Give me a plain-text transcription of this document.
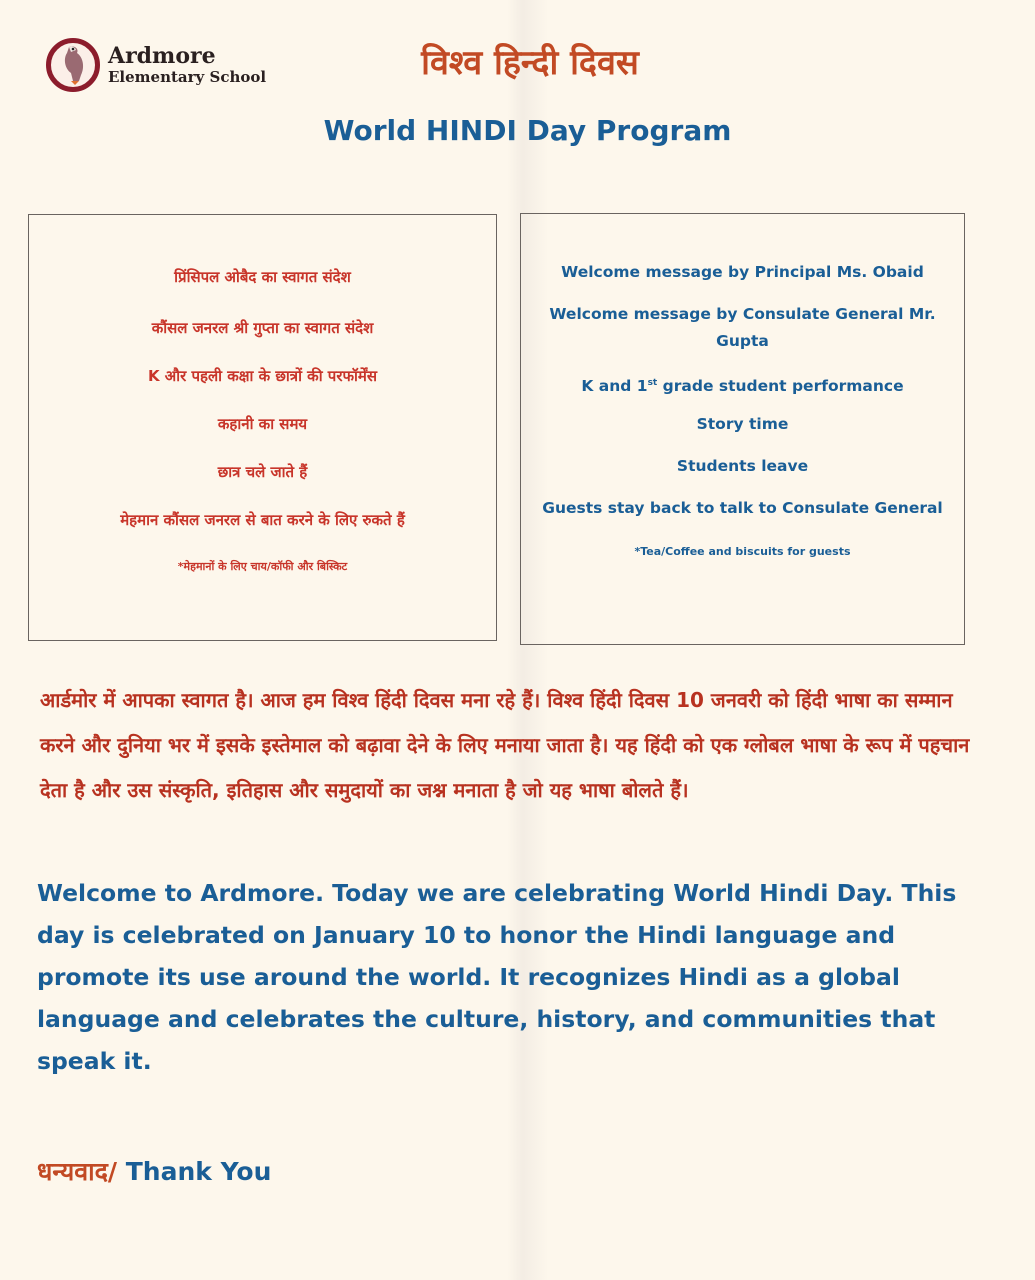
Ardmore
Elementary School	विश्व हिन्दी दिवस
World HINDI Day Program
प्रिंसिपल ओबैद का स्वागत संदेश
कौंसल जनरल श्री गुप्ता का स्वागत संदेश
K और पहली कक्षा के छात्रों की परफॉर्मेंस
कहानी का समय
छात्र चले जाते हैं
मेहमान कौंसल जनरल से बात करने के लिए रुकते हैं
*मेहमानों के लिए चाय/कॉफी और बिस्किट
Welcome message by Principal Ms. Obaid
Welcome message by Consulate General Mr. Gupta
K and 1st grade student performance
Story time
Students leave
Guests stay back to talk to Consulate General
*Tea/Coffee and biscuits for guests

आर्डमोर में आपका स्वागत है। आज हम विश्व हिंदी दिवस मना रहे हैं। विश्व हिंदी दिवस 10 जनवरी को हिंदी भाषा का सम्मान करने और दुनिया भर में इसके इस्तेमाल को बढ़ावा देने के लिए मनाया जाता है। यह हिंदी को एक ग्लोबल भाषा के रूप में पहचान देता है और उस संस्कृति, इतिहास और समुदायों का जश्न मनाता है जो यह भाषा बोलते हैं।

Welcome to Ardmore. Today we are celebrating World Hindi Day. This day is celebrated on January 10 to honor the Hindi language and promote its use around the world. It recognizes Hindi as a global language and celebrates the culture, history, and communities that speak it.

धन्यवाद/ Thank You
